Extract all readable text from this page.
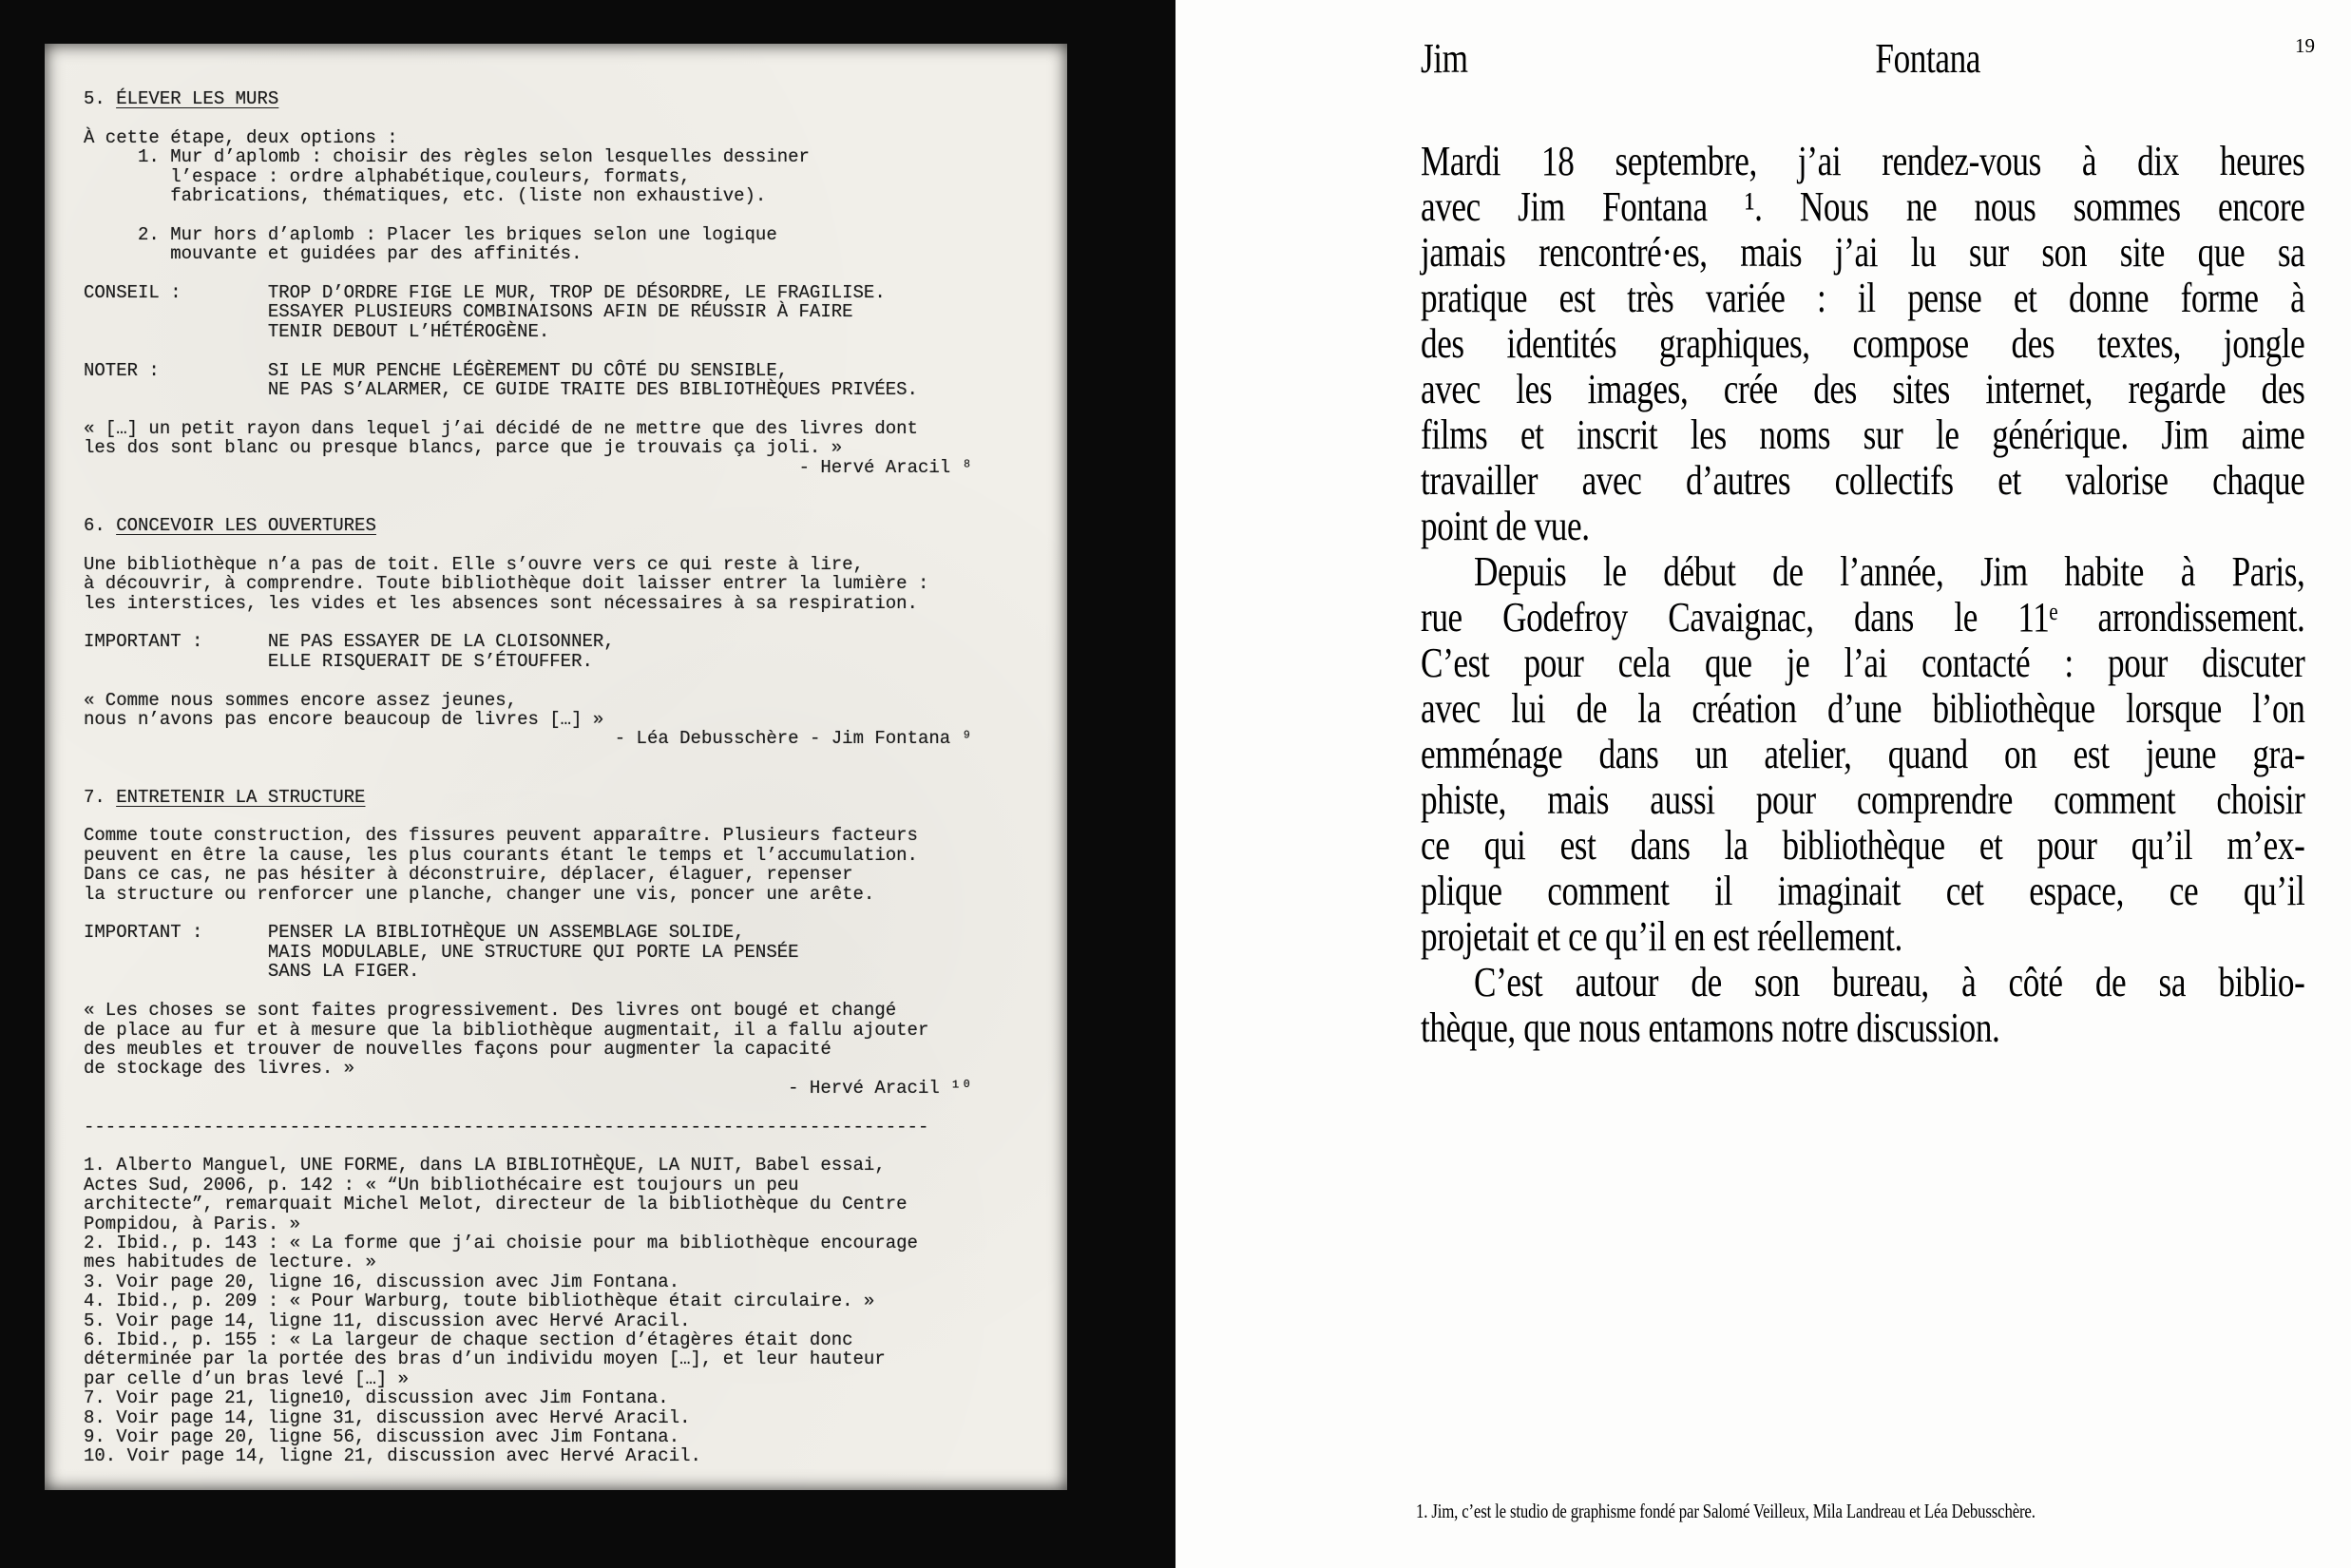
5. ÉLEVER LES MURS

À cette étape, deux options :
1. Mur d’aplomb : choisir des règles selon lesquelles dessiner
l’espace : ordre alphabétique,couleurs, formats,
fabrications, thématiques, etc. (liste non exhaustive).

2. Mur hors d’aplomb : Placer les briques selon une logique
mouvante et guidées par des affinités.

CONSEIL :        TROP D’ORDRE FIGE LE MUR, TROP DE DÉSORDRE, LE FRAGILISE.
ESSAYER PLUSIEURS COMBINAISONS AFIN DE RÉUSSIR À FAIRE
TENIR DEBOUT L’HÉTÉROGÈNE.

NOTER :          SI LE MUR PENCHE LÉGÈREMENT DU CÔTÉ DU SENSIBLE,
NE PAS S’ALARMER, CE GUIDE TRAITE DES BIBLIOTHÈQUES PRIVÉES.

« […] un petit rayon dans lequel j’ai décidé de ne mettre que des livres dont
les dos sont blanc ou presque blancs, parce que je trouvais ça joli. »
- Hervé Aracil ⁸

6. CONCEVOIR LES OUVERTURES

Une bibliothèque n’a pas de toit. Elle s’ouvre vers ce qui reste à lire,
à découvrir, à comprendre. Toute bibliothèque doit laisser entrer la lumière :
les interstices, les vides et les absences sont nécessaires à sa respiration.

IMPORTANT :      NE PAS ESSAYER DE LA CLOISONNER,
ELLE RISQUERAIT DE S’ÉTOUFFER.

« Comme nous sommes encore assez jeunes,
nous n’avons pas encore beaucoup de livres […] »
- Léa Debusschère - Jim Fontana ⁹

7. ENTRETENIR LA STRUCTURE

Comme toute construction, des fissures peuvent apparaître. Plusieurs facteurs
peuvent en être la cause, les plus courants étant le temps et l’accumulation.
Dans ce cas, ne pas hésiter à déconstruire, déplacer, élaguer, repenser
la structure ou renforcer une planche, changer une vis, poncer une arête.

IMPORTANT :      PENSER LA BIBLIOTHÈQUE UN ASSEMBLAGE SOLIDE,
MAIS MODULABLE, UNE STRUCTURE QUI PORTE LA PENSÉE
SANS LA FIGER.

« Les choses se sont faites progressivement. Des livres ont bougé et changé
de place au fur et à mesure que la bibliothèque augmentait, il a fallu ajouter
des meubles et trouver de nouvelles façons pour augmenter la capacité
de stockage des livres. »
- Hervé Aracil ¹⁰

------------------------------------------------------------------------------

1. Alberto Manguel, UNE FORME, dans LA BIBLIOTHÈQUE, LA NUIT, Babel essai,
Actes Sud, 2006, p. 142 : « “Un bibliothécaire est toujours un peu
architecte”, remarquait Michel Melot, directeur de la bibliothèque du Centre
Pompidou, à Paris. »
2. Ibid., p. 143 : « La forme que j’ai choisie pour ma bibliothèque encourage
mes habitudes de lecture. »
3. Voir page 20, ligne 16, discussion avec Jim Fontana.
4. Ibid., p. 209 : « Pour Warburg, toute bibliothèque était circulaire. »
5. Voir page 14, ligne 11, discussion avec Hervé Aracil.
6. Ibid., p. 155 : « La largeur de chaque section d’étagères était donc
déterminée par la portée des bras d’un individu moyen […], et leur hauteur
par celle d’un bras levé […] »
7. Voir page 21, ligne10, discussion avec Jim Fontana.
8. Voir page 14, ligne 31, discussion avec Hervé Aracil.
9. Voir page 20, ligne 56, discussion avec Jim Fontana.
10. Voir page 14, ligne 21, discussion avec Hervé Aracil.
Jim	Fontana	19
Mardi 18 septembre, j’ai rendez-vous à dix heures
avec Jim Fontana ¹. Nous ne nous sommes encore
jamais rencontré·es, mais j’ai lu sur son site que sa
pratique est très variée : il pense et donne forme à
des identités graphiques, compose des textes, jongle
avec les images, crée des sites internet, regarde des
films et inscrit les noms sur le générique. Jim aime
travailler avec d’autres collectifs et valorise chaque
point de vue.
Depuis le début de l’année, Jim habite à Paris,
rue Godefroy Cavaignac, dans le 11ᵉ arrondissement.
C’est pour cela que je l’ai contacté : pour discuter
avec lui de la création d’une bibliothèque lorsque l’on
emménage dans un atelier, quand on est jeune gra-
phiste, mais aussi pour comprendre comment choisir
ce qui est dans la bibliothèque et pour qu’il m’ex-
plique comment il imaginait cet espace, ce qu’il
projetait et ce qu’il en est réellement.
C’est autour de son bureau, à côté de sa biblio-
thèque, que nous entamons notre discussion.
1. Jim, c’est le studio de graphisme fondé par Salomé Veilleux, Mila Landreau et Léa Debusschère.
